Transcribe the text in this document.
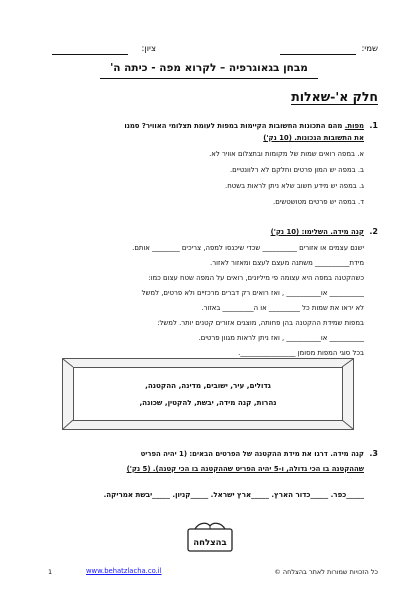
שמי:
ציון:
מבחן בגאוגרפיה – לקרוא מפה - כיתה ה'
חלק א'-שאלות
1.
מפות. מהם התכונות החשובות הקיימות במפות לעומת תצלומי האוויר? סמנו
את התשובות הנכונות. (10 נק')
א. במפה רואים שמות של מקומות ובתצלום אוויר לא.
ב. במפה יש המון פרטים וחלקם לא רלוונטיים.
ג. במפה יש מידע חשוב שלא ניתן לראות בשטח.
ד. במפה יש פרטים מטושטשים.
2.
קנה מידה. השלימו: (10 נק')
ישנם עצמים או אזורים __________ שכדי שיכנסו למפה, צריכים ________ אותם.
מידת__________ משתנה מעצם לעצם ומאזור לאזור.
כשהקטנה במפה היא עצומה פי מיליונים, רואים על המפה שטח עצום כמו:
__________ או__________ , ואז רואים רק דברים מרכזיים ולא פרטים, למשל
לא יראו את שמות כל _________ או ה_________ באזור.
במפות שמידת ההקטנה בהן פחותה, מוצגים אזורים קטנים יותר. למשל:
__________ או__________ , ואז ניתן לראות מגוון פרטים.
בכל סוגי המפות מסומן ________________.
גדולים, עיר, ישובים, מדינה, ההקטנה,
נהרות, קנה מידה, יבשת, להקטין, שכונה,
3.
קנה מידה. דרגו את מידת ההקטנה של הפרטים הבאים: (1 יהיה הפריט
שההקטנה בו הכי גדולה, ו-5 יהיה הפריט שההקטנה בו הכי קטנה). (5 נק')
_____כפר. _____כדור הארץ. _____ארץ ישראל. _____קניון. _____יבשת אמריקה.
בהצלחה
1	www.behatzlacha.co.il	כל הזכויות שמורות לאתר בהצלחה ©
